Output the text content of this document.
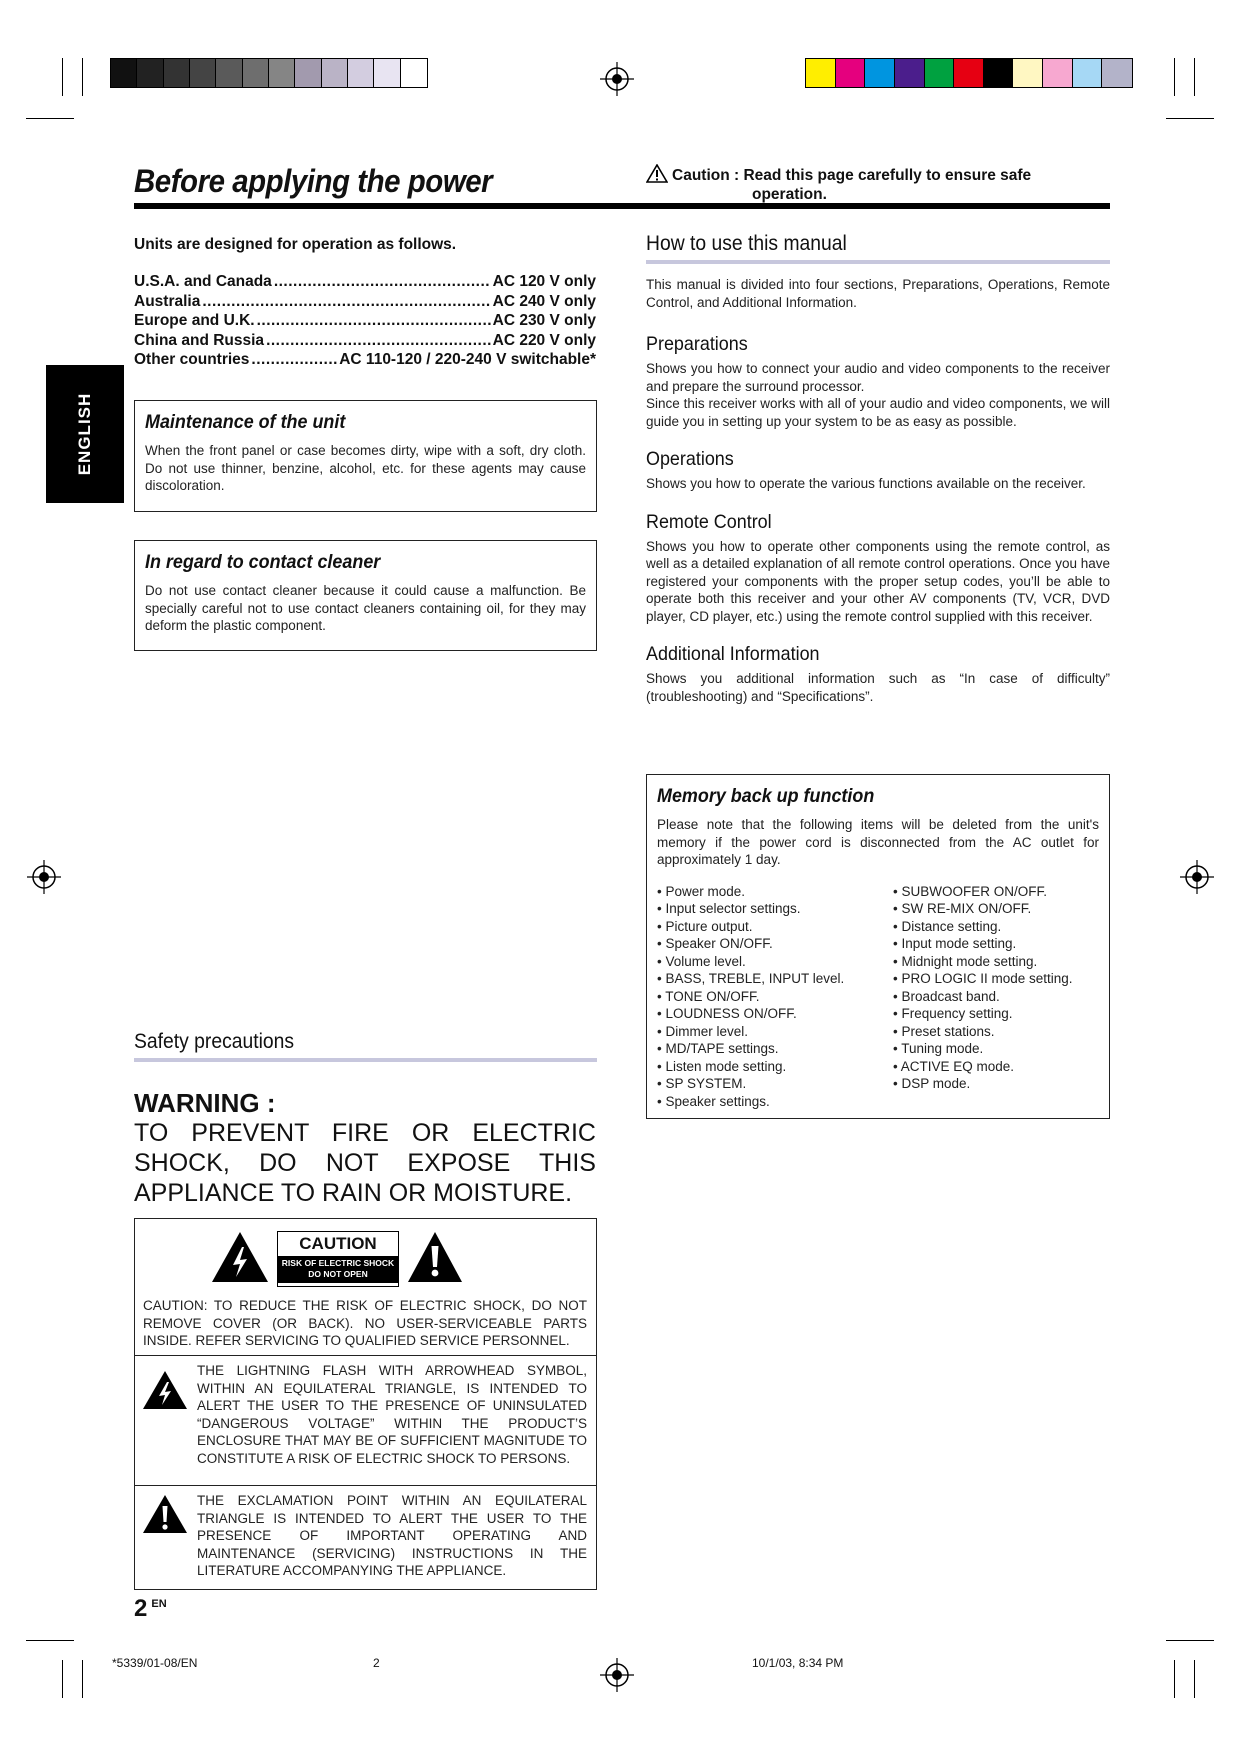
Before applying the power	Caution : Read this page carefully to ensure safe
operation.
ENGLISH
Units are designed for operation as follows.
U.S.A. and Canada .....	AC 120 V only
Australia .....	AC 240 V only
Europe and U.K. .....	AC 230 V only
China and Russia .....	AC 220 V only
Other countries .....	AC 110-120 / 220-240 V switchable*
Maintenance of the unit
When the front panel or case becomes dirty, wipe with a soft, dry cloth. Do not use thinner, benzine, alcohol, etc. for these agents may cause discoloration.
In regard to contact cleaner
Do not use contact cleaner because it could cause a malfunction. Be specially careful not to use contact cleaners containing oil, for they may deform the plastic component.
Safety precautions
WARNING :
TO PREVENT FIRE OR ELECTRIC SHOCK, DO NOT EXPOSE THIS APPLIANCE TO RAIN OR MOISTURE.
CAUTION
RISK OF ELECTRIC SHOCK
DO NOT OPEN
CAUTION: TO REDUCE THE RISK OF ELECTRIC SHOCK, DO NOT REMOVE COVER (OR BACK). NO USER-SERVICEABLE PARTS INSIDE. REFER SERVICING TO QUALIFIED SERVICE PERSONNEL.
THE LIGHTNING FLASH WITH ARROWHEAD SYMBOL, WITHIN AN EQUILATERAL TRIANGLE, IS INTENDED TO ALERT THE USER TO THE PRESENCE OF UNINSULATED “DANGEROUS VOLTAGE” WITHIN THE PRODUCT’S ENCLOSURE THAT MAY BE OF SUFFICIENT MAGNITUDE TO CONSTITUTE A RISK OF ELECTRIC SHOCK TO PERSONS.
THE EXCLAMATION POINT WITHIN AN EQUILATERAL TRIANGLE IS INTENDED TO ALERT THE USER TO THE PRESENCE OF IMPORTANT OPERATING AND MAINTENANCE (SERVICING) INSTRUCTIONS IN THE LITERATURE ACCOMPANYING THE APPLIANCE.
2 $^{EN}$
How to use this manual
This manual is divided into four sections, Preparations, Operations, Remote Control, and Additional Information.
Preparations
Shows you how to connect your audio and video components to the receiver and prepare the surround processor.
Since this receiver works with all of your audio and video components, we will guide you in setting up your system to be as easy as possible.
Operations
Shows you how to operate the various functions available on the receiver.
Remote Control
Shows you how to operate other components using the remote control, as well as a detailed explanation of all remote control operations. Once you have registered your components with the proper setup codes, you’ll be able to operate both this receiver and your other AV components (TV, VCR, DVD player, CD player, etc.) using the remote control supplied with this receiver.
Additional Information
Shows you additional information such as “In case of difficulty” (troubleshooting) and “Specifications”.
Memory back up function
Please note that the following items will be deleted from the unit's memory if the power cord is disconnected from the AC outlet for approximately 1 day.
• Power mode.
• Input selector settings.
• Picture output.
• Speaker ON/OFF.
• Volume level.
• BASS, TREBLE, INPUT level.
• TONE ON/OFF.
• LOUDNESS ON/OFF.
• Dimmer level.
• MD/TAPE settings.
• Listen mode setting.
• SP SYSTEM.
• Speaker settings.
• SUBWOOFER ON/OFF.
• SW RE-MIX ON/OFF.
• Distance setting.
• Input mode setting.
• Midnight mode setting.
• PRO LOGIC II mode setting.
• Broadcast band.
• Frequency setting.
• Preset stations.
• Tuning mode.
• ACTIVE EQ mode.
• DSP mode.
*5339/01-08/EN	2	10/1/03, 8:34 PM
